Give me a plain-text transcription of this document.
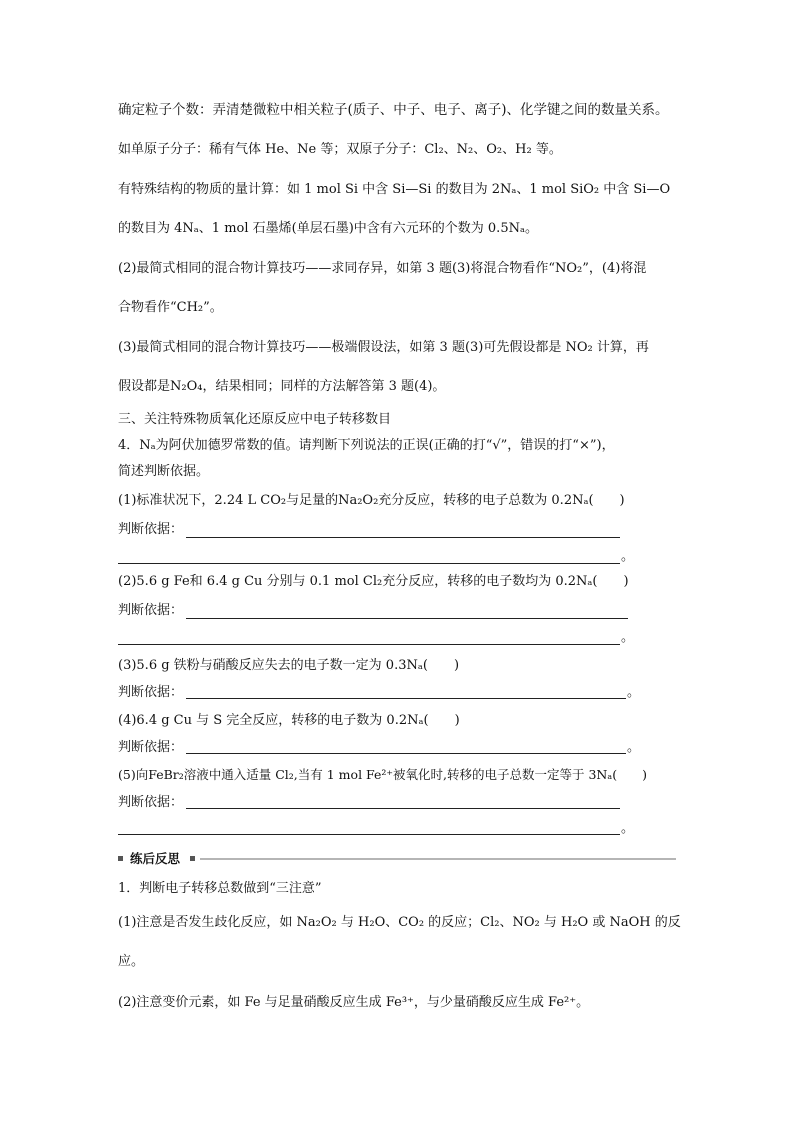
确定粒子个数：弄清楚微粒中相关粒子(质子、中子、电子、离子)、化学键之间的数量关系。
如单原子分子：稀有气体 He、Ne 等；双原子分子：Cl₂、N₂、O₂、H₂ 等。
有特殊结构的物质的量计算：如 1 mol Si 中含 Si—Si 的数目为 2Nₐ、1 mol SiO₂ 中含 Si—O
的数目为 4Nₐ、1 mol 石墨烯(单层石墨)中含有六元环的个数为 0.5Nₐ。
(2)最简式相同的混合物计算技巧——求同存异，如第 3 题(3)将混合物看作“NO₂”，(4)将混
合物看作“CH₂”。
(3)最简式相同的混合物计算技巧——极端假设法，如第 3 题(3)可先假设都是 NO₂ 计算，再
假设都是N₂O₄，结果相同；同样的方法解答第 3 题(4)。
三、关注特殊物质氧化还原反应中电子转移数目
4．Nₐ为阿伏加德罗常数的值。请判断下列说法的正误(正确的打“√”，错误的打“×”)，
简述判断依据。
(1)标准状况下，2.24 L CO₂与足量的Na₂O₂充分反应，转移的电子总数为 0.2Nₐ(　　)
判断依据：
。
(2)5.6 g Fe和 6.4 g Cu 分别与 0.1 mol Cl₂充分反应，转移的电子数均为 0.2Nₐ(　　)
判断依据：
。
(3)5.6 g 铁粉与硝酸反应失去的电子数一定为 0.3Nₐ(　　)
判断依据：	。
(4)6.4 g Cu 与 S 完全反应，转移的电子数为 0.2Nₐ(　　)
判断依据：	。
(5)向FeBr₂溶液中通入适量 Cl₂,当有 1 mol Fe²⁺被氧化时,转移的电子总数一定等于 3Nₐ(　　)
判断依据：
。
练后反思
1．判断电子转移总数做到“三注意”
(1)注意是否发生歧化反应，如 Na₂O₂ 与 H₂O、CO₂ 的反应；Cl₂、NO₂ 与 H₂O 或 NaOH 的反
应。
(2)注意变价元素，如 Fe 与足量硝酸反应生成 Fe³⁺，与少量硝酸反应生成 Fe²⁺。
